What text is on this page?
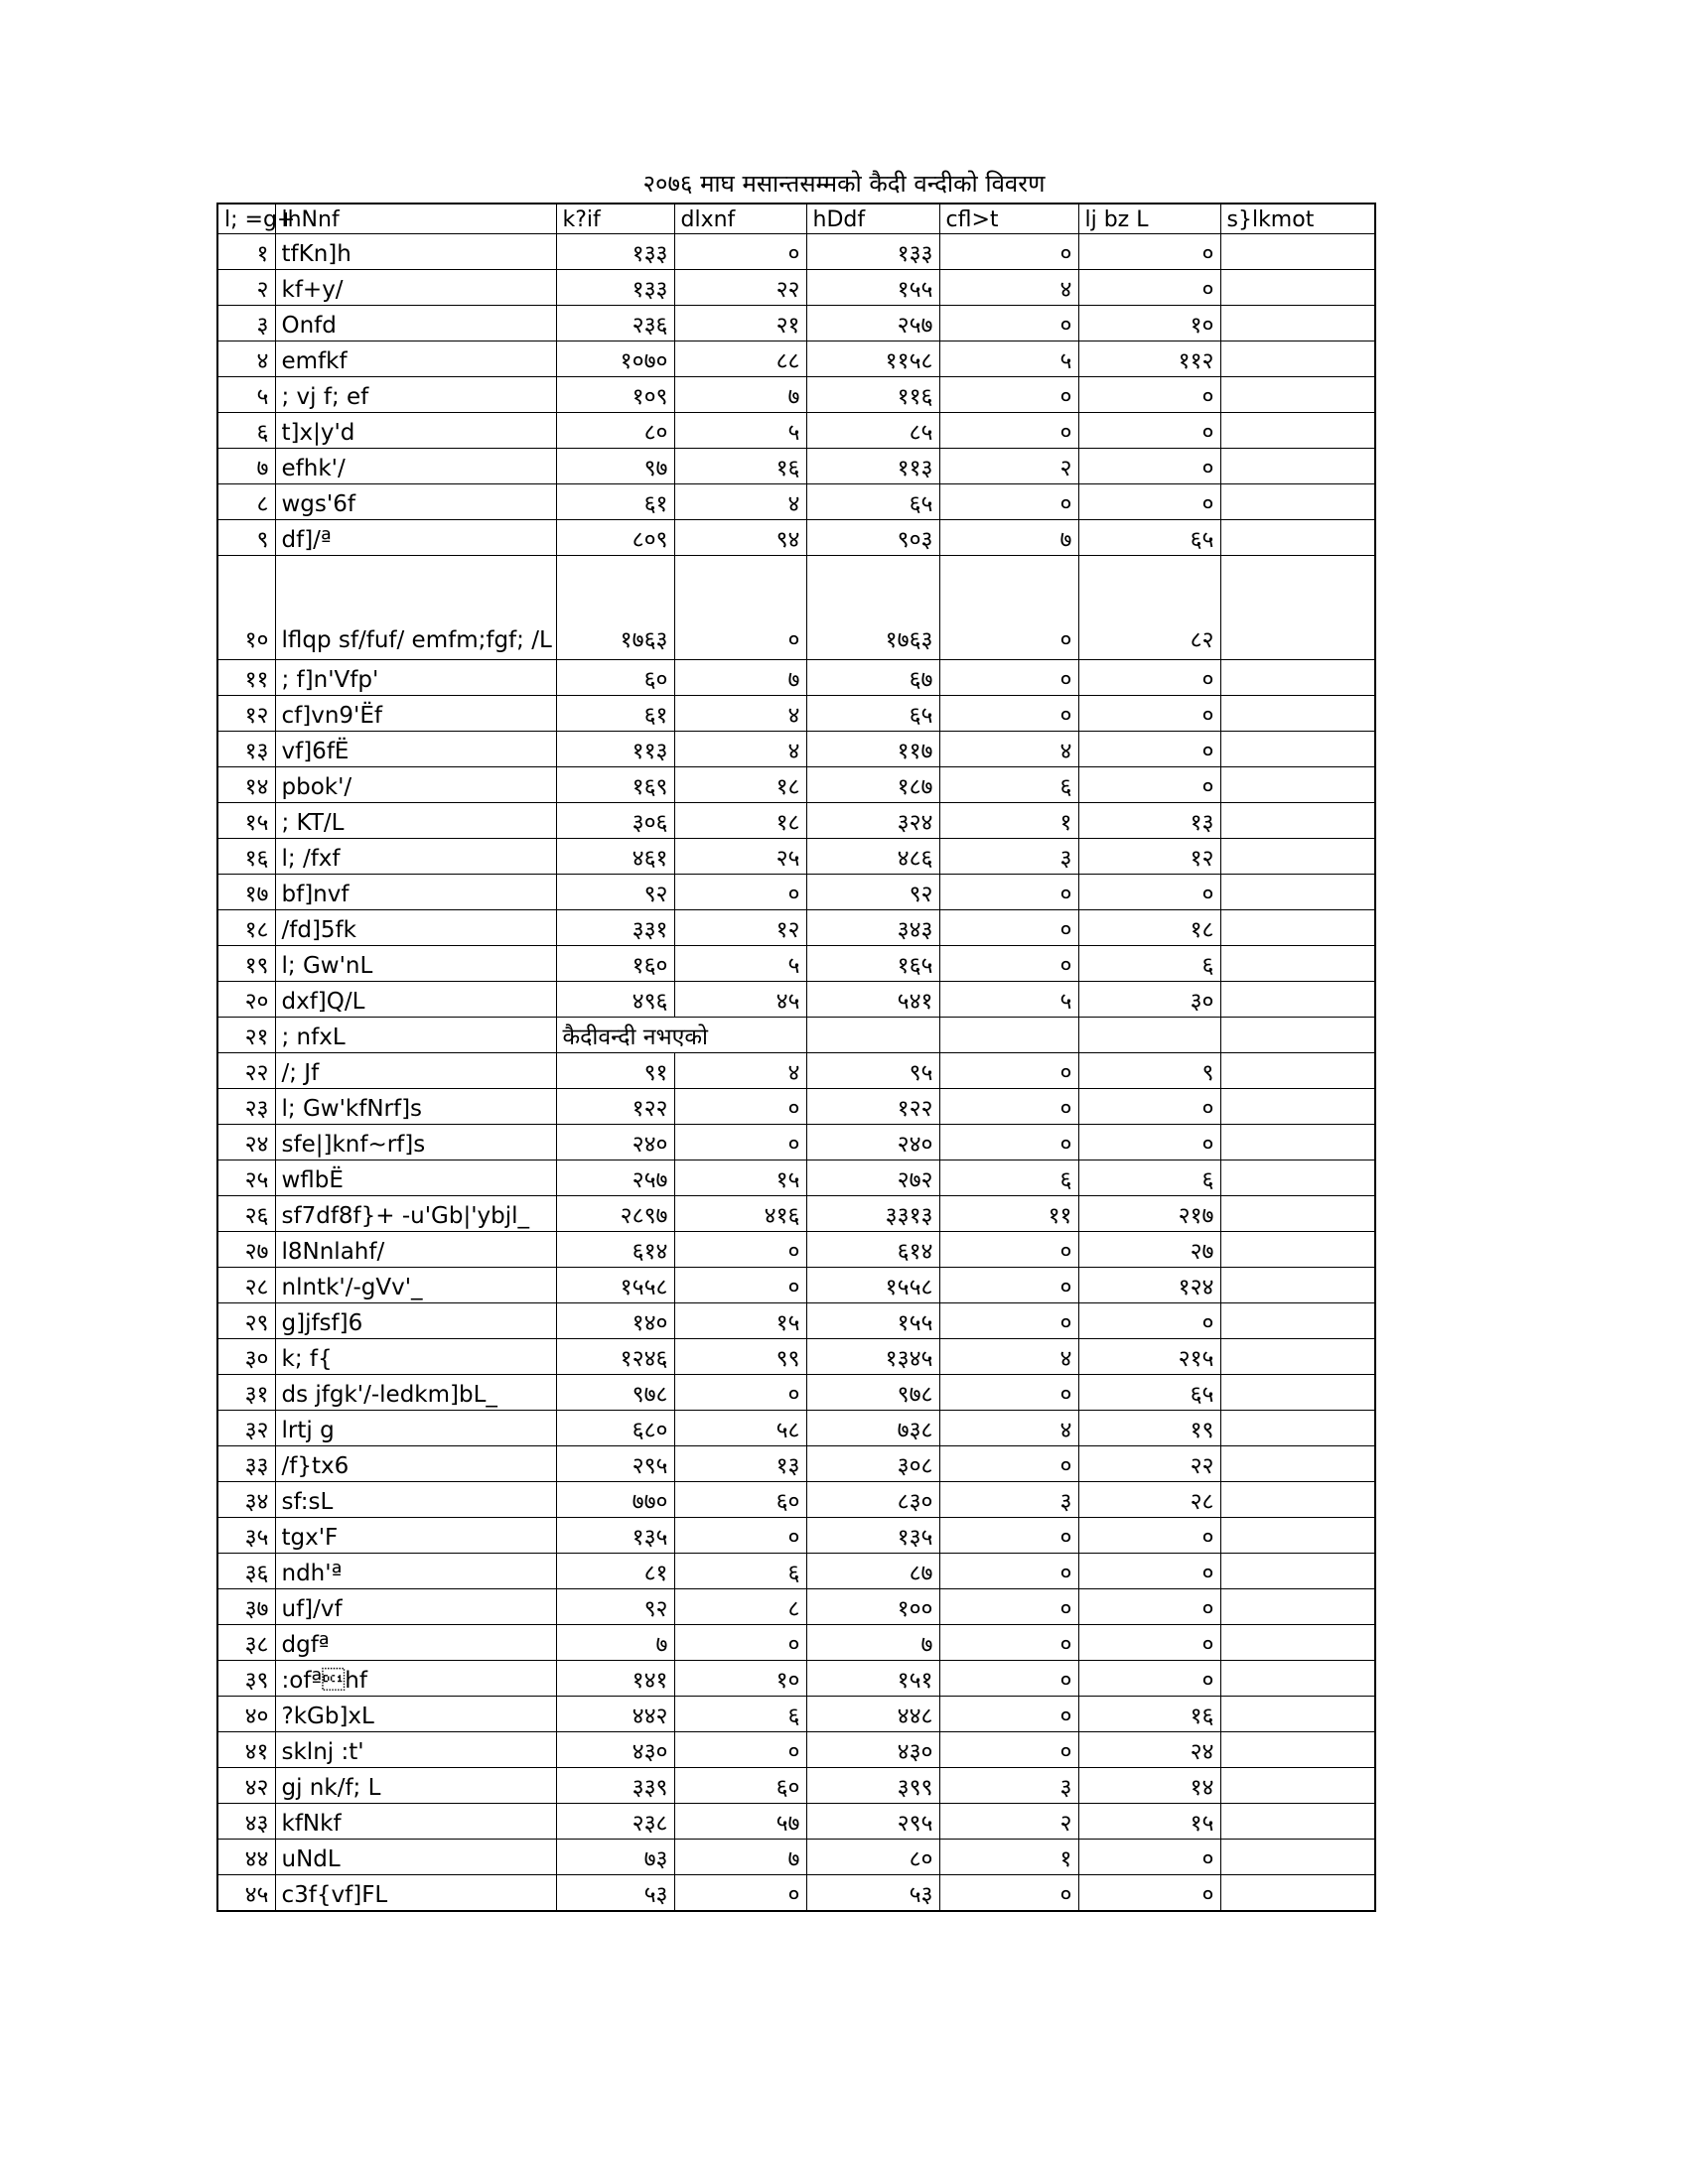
२०७६ माघ मसान्तसम्मको कैदी वन्दीको विवरण
l; =g+	lhNnf	k?if	dlxnf	hDdf	cfl>t	lj bz L	s}lkmot
१	tfKn]h	१३३	०	१३३	०	०	
२	kf+y/	१३३	२२	१५५	४	०	
३	Onfd	२३६	२१	२५७	०	१०	
४	emfkf	१०७०	८८	११५८	५	११२	
५	; vj f; ef	१०९	७	११६	०	०	
६	t]x|y'd	८०	५	८५	०	०	
७	efhk'/	९७	१६	११३	२	०	
८	wgs'6f	६१	४	६५	०	०	
९	df]/ª	८०९	९४	९०३	७	६५	
१०	lflqp sf/fuf/ emfm;fgf; /L	१७६३	०	१७६३	०	८२	
११	; f]n'Vfp'	६०	७	६७	०	०	
१२	cf]vn9'Ëf	६१	४	६५	०	०	
१३	vf]6fË	११३	४	११७	४	०	
१४	pbok'/	१६९	१८	१८७	६	०	
१५	; KT/L	३०६	१८	३२४	१	१३	
१६	l; /fxf	४६१	२५	४८६	३	१२	
१७	bf]nvf	९२	०	९२	०	०	
१८	/fd]5fk	३३१	१२	३४३	०	१८	
१९	l; Gw'nL	१६०	५	१६५	०	६	
२०	dxf]Q/L	४९६	४५	५४१	५	३०	
२१	; nfxL	कैदीवन्दी नभएको					
२२	/; Jf	९१	४	९५	०	९	
२३	l; Gw'kfNrf]s	१२२	०	१२२	०	०	
२४	sfe|]knf~rf]s	२४०	०	२४०	०	०	
२५	wflbË	२५७	१५	२७२	६	६	
२६	sf7df8f}+ -u'Gb|'ybjl_	२८९७	४१६	३३१३	११	२१७	
२७	l8Nnlahf/	६१४	०	६१४	०	२७	
२८	nlntk'/-gVv'_	१५५८	०	१५५८	०	१२४	
२९	g]jfsf]6	१४०	१५	१५५	०	०	
३०	k; f{	१२४६	९९	१३४५	४	२१५	
३१	ds jfgk'/-ledkm]bL_	९७८	०	९७८	०	६५	
३२	lrtj g	६८०	५८	७३८	४	१९	
३३	/f}tx6	२९५	१३	३०८	०	२२	
३४	sf:sL	७७०	६०	८३०	३	२८	
३५	tgx'F	१३५	०	१३५	०	०	
३६	ndh'ª	८१	६	८७	०	०	
३७	uf]/vf	९२	८	१००	०	०	
३८	dgfª	७	०	७	०	०	
३९	:ofªhf	१४१	१०	१५१	०	०	
४०	?kGb]xL	४४२	६	४४८	०	१६	
४१	sklnj :t'	४३०	०	४३०	०	२४	
४२	gj nk/f; L	३३९	६०	३९९	३	१४	
४३	kfNkf	२३८	५७	२९५	२	१५	
४४	uNdL	७३	७	८०	१	०	
४५	c3f{vf]FL	५३	०	५३	०	०	
